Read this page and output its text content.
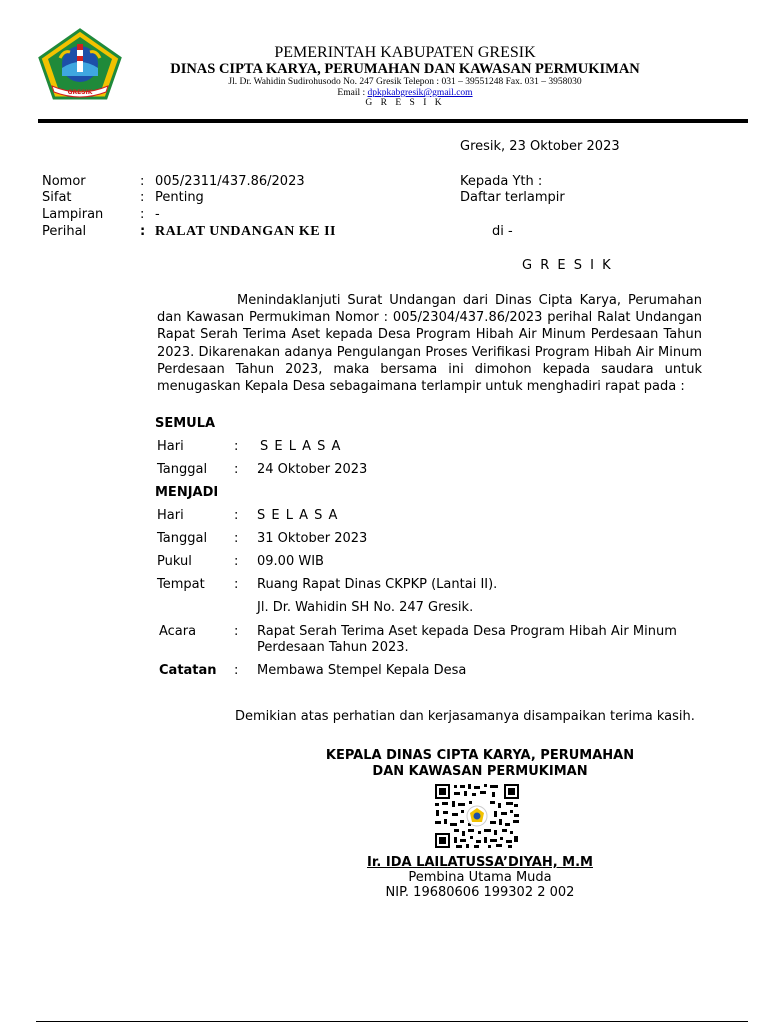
GRESIK
PEMERINTAH KABUPATEN GRESIK
DINAS CIPTA KARYA, PERUMAHAN DAN KAWASAN PERMUKIMAN
Jl. Dr. Wahidin Sudirohusodo No. 247 Gresik Telepon : 031 – 39551248 Fax. 031 – 3958030
Email : dpkpkabgresik@gmail.com
G R E S I K
Gresik, 23 Oktober 2023
Nomor	: 005/2311/437.86/2023
Sifat	: Penting
Lampiran	: -
Perihal	: RALAT UNDANGAN KE II
Kepada Yth :
Daftar terlampir
di -
G R E S I K

Menindaklanjuti Surat Undangan dari Dinas Cipta Karya, Perumahan dan Kawasan Permukiman Nomor : 005/2304/437.86/2023 perihal Ralat Undangan Rapat Serah Terima Aset kepada Desa Program Hibah Air Minum Perdesaan Tahun 2023. Dikarenakan adanya Pengulangan Proses Verifikasi Program Hibah Air Minum Perdesaan Tahun 2023, maka bersama ini dimohon kepada saudara untuk menugaskan Kepala Desa sebagaimana terlampir untuk menghadiri rapat pada :

SEMULA
Hari	: S E L A S A
Tanggal : 24 Oktober 2023
MENJADI
Hari	: S E L A S A
Tanggal : 31 Oktober 2023
Pukul	: 09.00 WIB
Tempat : Ruang Rapat Dinas CKPKP (Lantai II).
Jl. Dr. Wahidin SH No. 247 Gresik.
Acara	: Rapat Serah Terima Aset kepada Desa Program Hibah Air Minum
Perdesaan Tahun 2023.
Catatan : Membawa Stempel Kepala Desa
Demikian atas perhatian dan kerjasamanya disampaikan terima kasih.
KEPALA DINAS CIPTA KARYA, PERUMAHAN
DAN KAWASAN PERMUKIMAN
Ir. IDA LAILATUSSA’DIYAH, M.M
Pembina Utama Muda
NIP. 19680606 199302 2 002
